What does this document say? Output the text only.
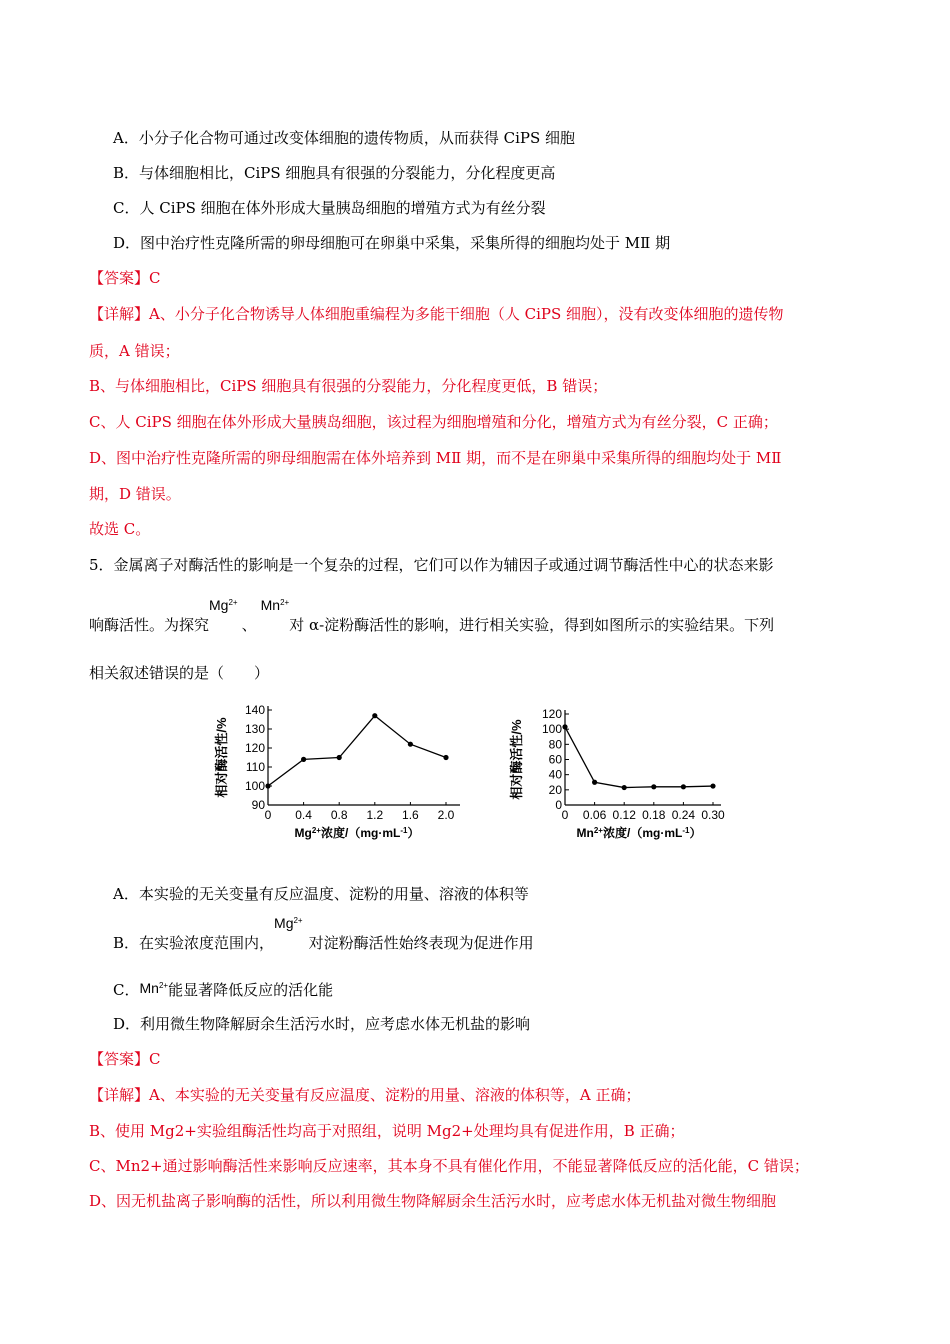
A．小分子化合物可通过改变体细胞的遗传物质，从而获得 CiPS 细胞
B．与体细胞相比，CiPS 细胞具有很强的分裂能力，分化程度更高
C．人 CiPS 细胞在体外形成大量胰岛细胞的增殖方式为有丝分裂
D．图中治疗性克隆所需的卵母细胞可在卵巢中采集，采集所得的细胞均处于 MⅡ 期
【答案】C
【详解】A、小分子化合物诱导人体细胞重编程为多能干细胞（人 CiPS 细胞），没有改变体细胞的遗传物
质，A 错误；
B、与体细胞相比，CiPS 细胞具有很强的分裂能力，分化程度更低，B 错误；
C、人 CiPS 细胞在体外形成大量胰岛细胞，该过程为细胞增殖和分化，增殖方式为有丝分裂，C 正确；
D、图中治疗性克隆所需的卵母细胞需在体外培养到 MⅡ 期，而不是在卵巢中采集所得的细胞均处于 MⅡ
期，D 错误。
故选 C。
5．金属离子对酶活性的影响是一个复杂的过程，它们可以作为辅因子或通过调节酶活性中心的状态来影
响酶活性。为探究$Mg^{2+}$、$Mn^{2+}$对 α-淀粉酶活性的影响，进行相关实验，得到如图所示的实验结果。下列
相关叙述错误的是（　　）
90
100
110
120
130
140
0 0.4 0.8 1.2 1.6 2.0
相对酶活性/%
$Mg^{2+}$浓度$/(mg\cdot mL^{-1})$
0
20
40
60
80
100
120
0 0.06 0.12 0.18 0.24 0.30
相对酶活性/%
$Mn^{2+}$浓度$/(mg\cdot mL^{-1})$
A．本实验的无关变量有反应温度、淀粉的用量、溶液的体积等
B．在实验浓度范围内，$Mg^{2+}$对淀粉酶活性始终表现为促进作用
C．$Mn^{2+}$能显著降低反应的活化能
D．利用微生物降解厨余生活污水时，应考虑水体无机盐的影响
【答案】C
【详解】A、本实验的无关变量有反应温度、淀粉的用量、溶液的体积等，A 正确；
B、使用 Mg2+实验组酶活性均高于对照组，说明 Mg2+处理均具有促进作用，B 正确；
C、Mn2+通过影响酶活性来影响反应速率，其本身不具有催化作用，不能显著降低反应的活化能，C 错误；
D、因无机盐离子影响酶的活性，所以利用微生物降解厨余生活污水时，应考虑水体无机盐对微生物细胞
